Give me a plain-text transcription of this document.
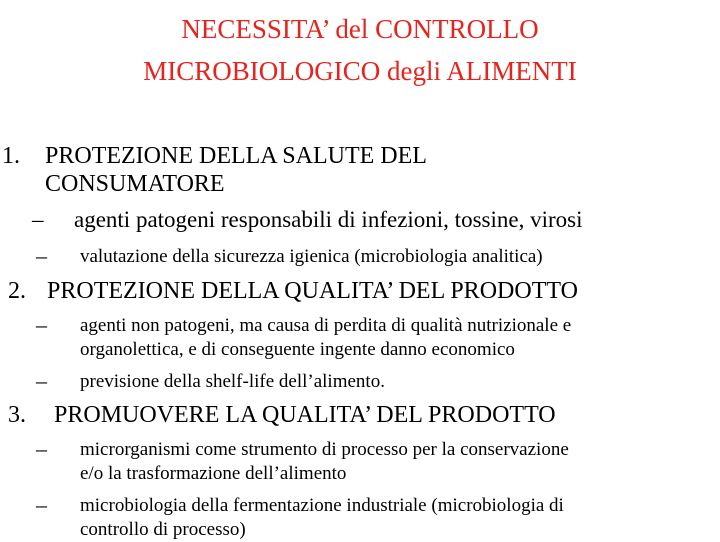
NECESSITA’ del CONTROLLO
MICROBIOLOGICO degli ALIMENTI
1. PROTEZIONE DELLA SALUTE DEL
CONSUMATORE
– agenti patogeni responsabili di infezioni, tossine, virosi
– valutazione della sicurezza igienica (microbiologia analitica)
2. PROTEZIONE DELLA QUALITA’ DEL PRODOTTO
– agenti non patogeni, ma causa di perdita di qualità nutrizionale e
organolettica, e di conseguente ingente danno economico
– previsione della shelf-life dell’alimento.
3. PROMUOVERE LA QUALITA’ DEL PRODOTTO
– microrganismi come strumento di processo per la conservazione
e/o la trasformazione dell’alimento
– microbiologia della fermentazione industriale (microbiologia di
controllo di processo)
